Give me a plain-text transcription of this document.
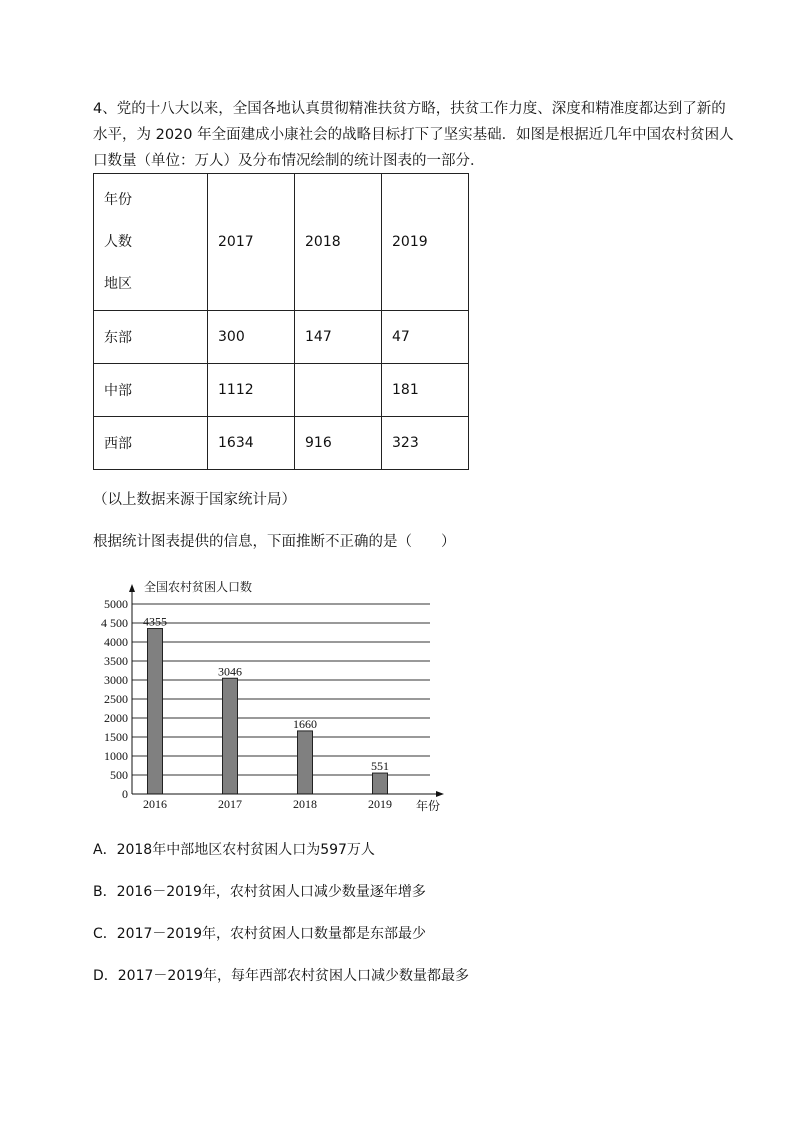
4、党的十八大以来，全国各地认真贯彻精准扶贫方略，扶贫工作力度、深度和精准度都达到了新的
水平，为 2020 年全面建成小康社会的战略目标打下了坚实基础．如图是根据近几年中国农村贫困人
口数量（单位：万人）及分布情况绘制的统计图表的一部分．
年份
人数
地区	2017	2018	2019
东部	300	147	47
中部	1112		181
西部	1634	916	323
（以上数据来源于国家统计局）
根据统计图表提供的信息，下面推断不正确的是（　　）
全国农村贫困人口数
年份
0
500
1000
1500
2000
2500
3000
3500
4000
4 500
5000
2016	2017	2018	2019
4355
3046
1660
551
A．2018年中部地区农村贫困人口为597万人
B．2016－2019年，农村贫困人口减少数量逐年增多
C．2017－2019年，农村贫困人口数量都是东部最少
D．2017－2019年，每年西部农村贫困人口减少数量都最多
